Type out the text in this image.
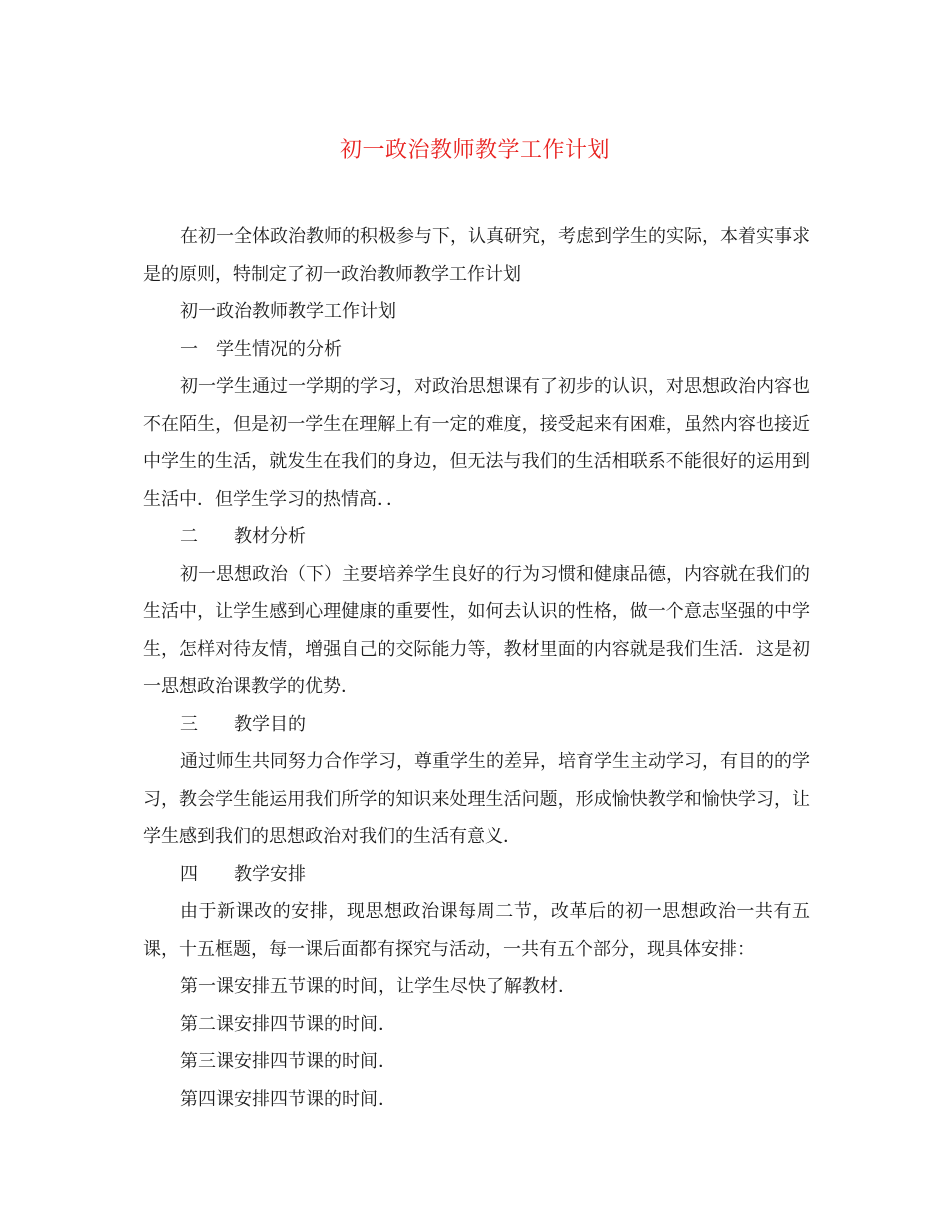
初一政治教师教学工作计划

在初一全体政治教师的积极参与下，认真研究，考虑到学生的实际，本着实事求是的原则，特制定了初一政治教师教学工作计划

初一政治教师教学工作计划

一　学生情况的分析

初一学生通过一学期的学习，对政治思想课有了初步的认识，对思想政治内容也不在陌生，但是初一学生在理解上有一定的难度，接受起来有困难，虽然内容也接近中学生的生活，就发生在我们的身边，但无法与我们的生活相联系不能很好的运用到生活中．但学生学习的热情高．．

二　　教材分析

初一思想政治（下）主要培养学生良好的行为习惯和健康品德，内容就在我们的生活中，让学生感到心理健康的重要性，如何去认识的性格，做一个意志坚强的中学生，怎样对待友情，增强自己的交际能力等，教材里面的内容就是我们生活．这是初一思想政治课教学的优势．

三　　教学目的

通过师生共同努力合作学习，尊重学生的差异，培育学生主动学习，有目的的学习，教会学生能运用我们所学的知识来处理生活问题，形成愉快教学和愉快学习，让学生感到我们的思想政治对我们的生活有意义．

四　　教学安排

由于新课改的安排，现思想政治课每周二节，改革后的初一思想政治一共有五课，十五框题，每一课后面都有探究与活动，一共有五个部分，现具体安排：

第一课安排五节课的时间，让学生尽快了解教材．

第二课安排四节课的时间．

第三课安排四节课的时间．

第四课安排四节课的时间．
